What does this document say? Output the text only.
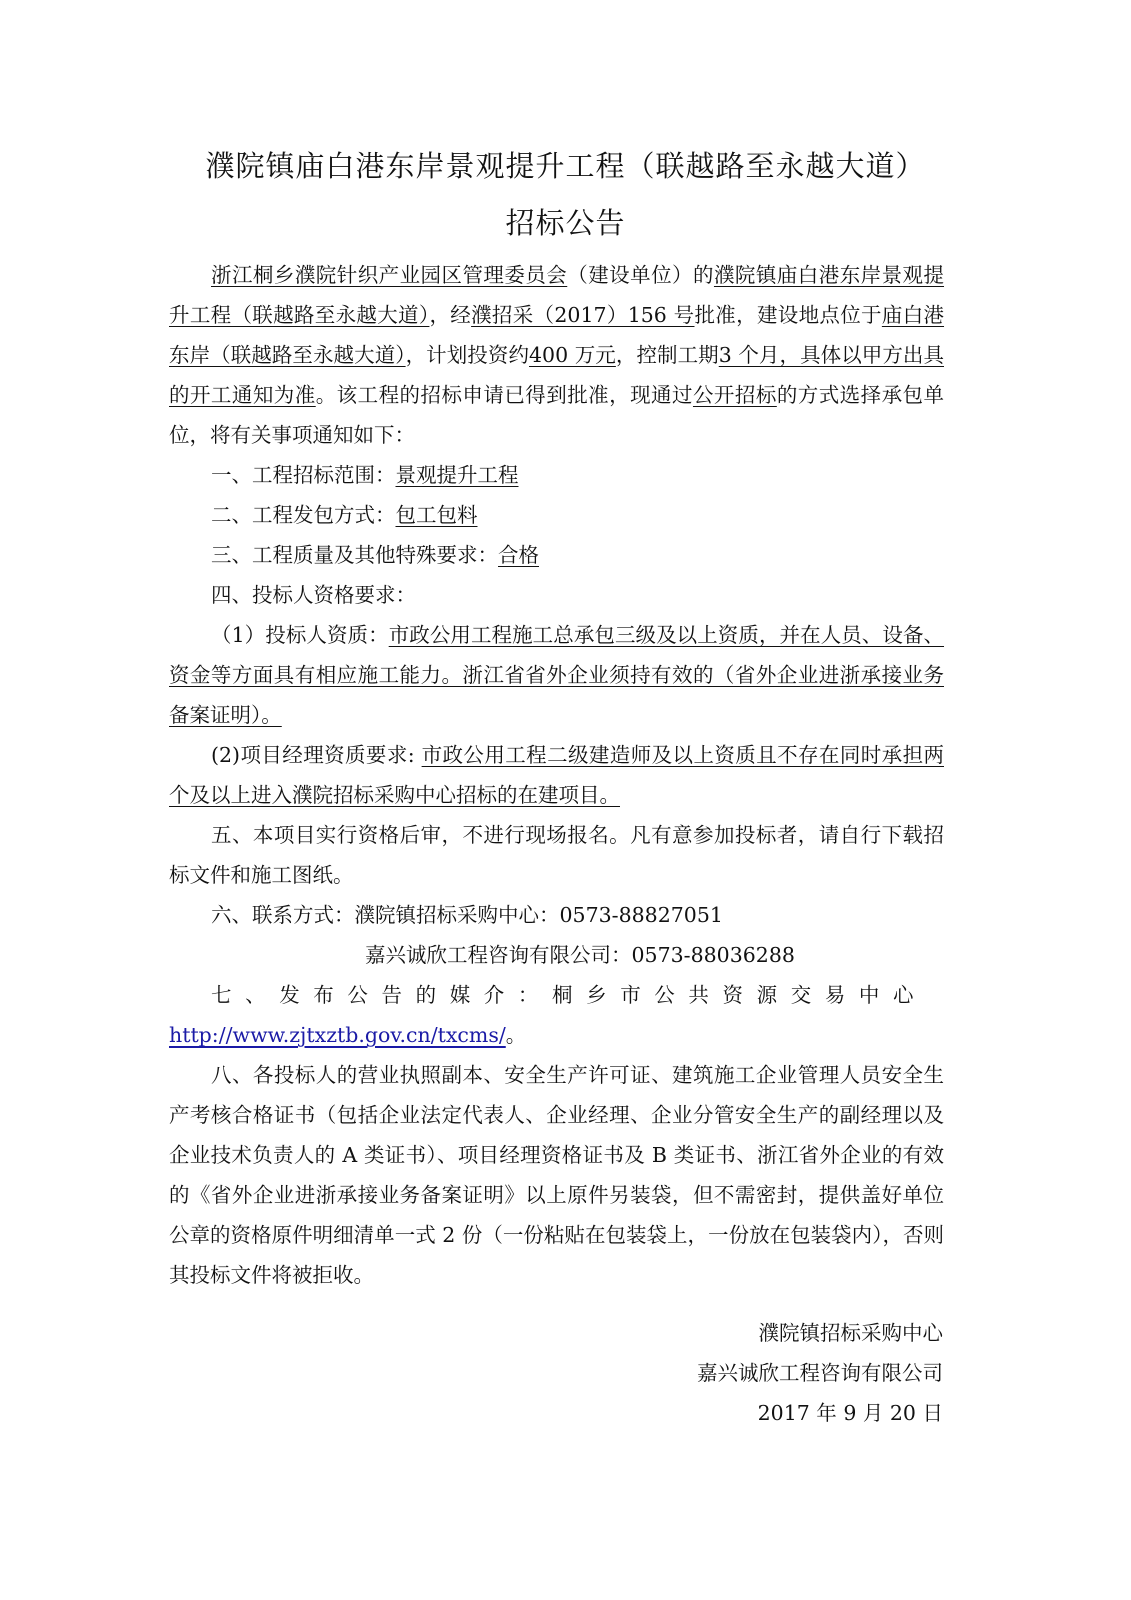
濮院镇庙白港东岸景观提升工程（联越路至永越大道）
招标公告

浙江桐乡濮院针织产业园区管理委员会（建设单位）的濮院镇庙白港东岸景观提升工程（联越路至永越大道），经濮招采（2017）156 号批准，建设地点位于庙白港东岸（联越路至永越大道），计划投资约400 万元，控制工期3 个月，具体以甲方出具的开工通知为准。该工程的招标申请已得到批准，现通过公开招标的方式选择承包单位，将有关事项通知如下：

一、工程招标范围：景观提升工程

二、工程发包方式：包工包料

三、工程质量及其他特殊要求：合格

四、投标人资格要求：

（1）投标人资质：市政公用工程施工总承包三级及以上资质，并在人员、设备、资金等方面具有相应施工能力。浙江省省外企业须持有效的（省外企业进浙承接业务备案证明）。

(2)项目经理资质要求: 市政公用工程二级建造师及以上资质且不存在同时承担两个及以上进入濮院招标采购中心招标的在建项目。

五、本项目实行资格后审，不进行现场报名。凡有意参加投标者，请自行下载招标文件和施工图纸。

六、联系方式：濮院镇招标采购中心：0573-88827051

嘉兴诚欣工程咨询有限公司：0573-88036288

七、发布公告的媒介：桐乡市公共资源交易中心

http://www.zjtxztb.gov.cn/txcms/。

八、各投标人的营业执照副本、安全生产许可证、建筑施工企业管理人员安全生产考核合格证书（包括企业法定代表人、企业经理、企业分管安全生产的副经理以及企业技术负责人的 A 类证书）、项目经理资格证书及 B 类证书、浙江省外企业的有效的《省外企业进浙承接业务备案证明》以上原件另装袋，但不需密封，提供盖好单位公章的资格原件明细清单一式 2 份（一份粘贴在包装袋上，一份放在包装袋内），否则其投标文件将被拒收。

濮院镇招标采购中心
嘉兴诚欣工程咨询有限公司
2017 年 9 月 20 日
